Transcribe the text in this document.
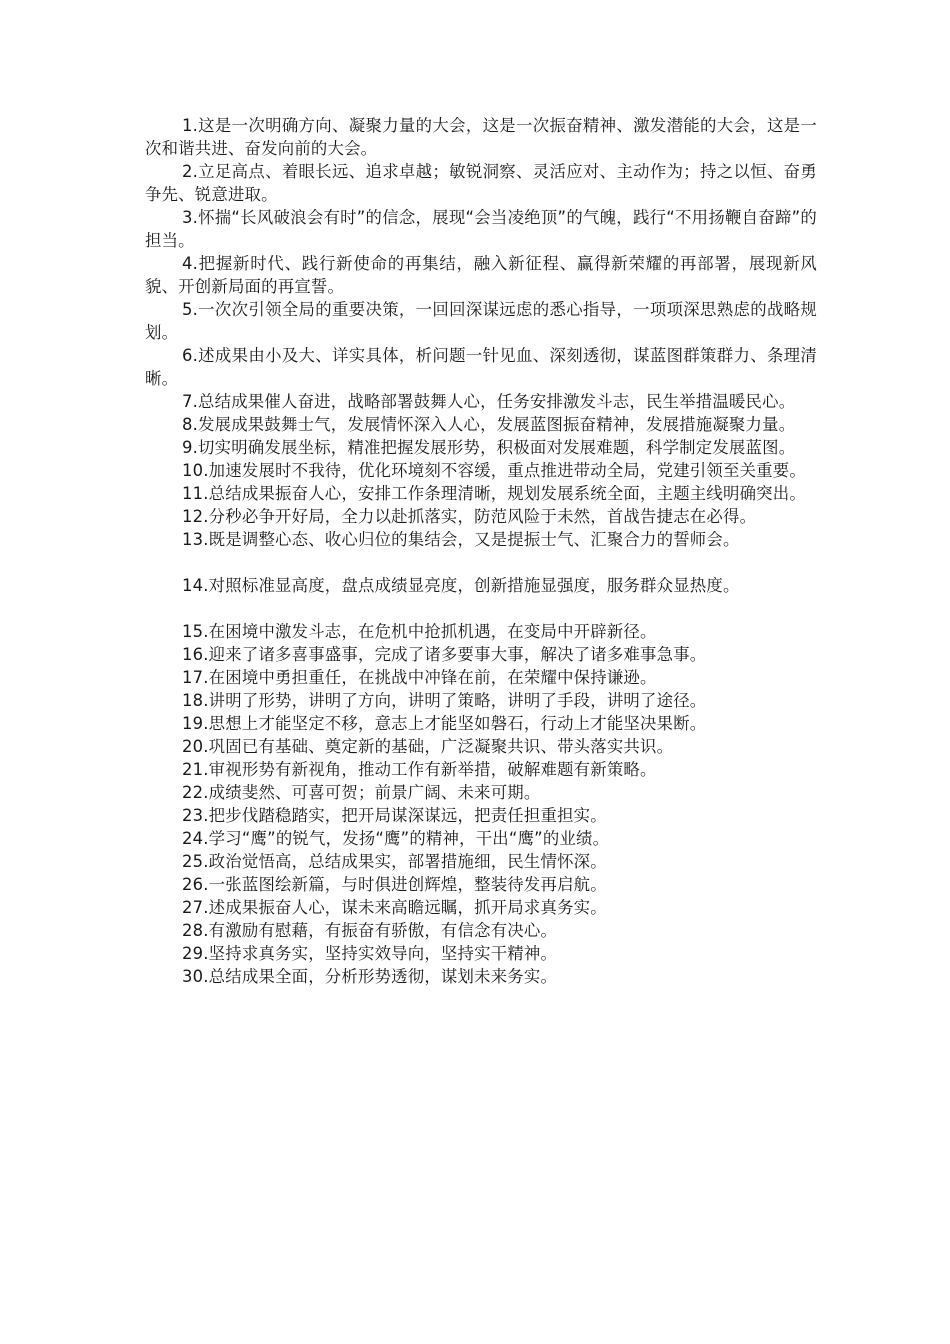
1.这是一次明确方向、凝聚力量的大会，这是一次振奋精神、激发潜能的大会，这是一次和谐共进、奋发向前的大会。

2.立足高点、着眼长远、追求卓越；敏锐洞察、灵活应对、主动作为；持之以恒、奋勇争先、锐意进取。

3.怀揣“长风破浪会有时”的信念，展现“会当凌绝顶”的气魄，践行“不用扬鞭自奋蹄”的担当。

4.把握新时代、践行新使命的再集结，融入新征程、赢得新荣耀的再部署，展现新风貌、开创新局面的再宣誓。

5.一次次引领全局的重要决策，一回回深谋远虑的悉心指导，一项项深思熟虑的战略规划。

6.述成果由小及大、详实具体，析问题一针见血、深刻透彻，谋蓝图群策群力、条理清晰。

7.总结成果催人奋进，战略部署鼓舞人心，任务安排激发斗志，民生举措温暖民心。

8.发展成果鼓舞士气，发展情怀深入人心，发展蓝图振奋精神，发展措施凝聚力量。

9.切实明确发展坐标，精准把握发展形势，积极面对发展难题，科学制定发展蓝图。

10.加速发展时不我待，优化环境刻不容缓，重点推进带动全局，党建引领至关重要。

11.总结成果振奋人心，安排工作条理清晰，规划发展系统全面，主题主线明确突出。

12.分秒必争开好局，全力以赴抓落实，防范风险于未然，首战告捷志在必得。

13.既是调整心态、收心归位的集结会，又是提振士气、汇聚合力的誓师会。

14.对照标准显高度，盘点成绩显亮度，创新措施显强度，服务群众显热度。

15.在困境中激发斗志，在危机中抢抓机遇，在变局中开辟新径。

16.迎来了诸多喜事盛事，完成了诸多要事大事，解决了诸多难事急事。

17.在困境中勇担重任，在挑战中冲锋在前，在荣耀中保持谦逊。

18.讲明了形势，讲明了方向，讲明了策略，讲明了手段，讲明了途径。

19.思想上才能坚定不移，意志上才能坚如磐石，行动上才能坚决果断。

20.巩固已有基础、奠定新的基础，广泛凝聚共识、带头落实共识。

21.审视形势有新视角，推动工作有新举措，破解难题有新策略。

22.成绩斐然、可喜可贺；前景广阔、未来可期。

23.把步伐踏稳踏实，把开局谋深谋远，把责任担重担实。

24.学习“鹰”的锐气，发扬“鹰”的精神，干出“鹰”的业绩。

25.政治觉悟高，总结成果实，部署措施细，民生情怀深。

26.一张蓝图绘新篇，与时俱进创辉煌，整装待发再启航。

27.述成果振奋人心，谋未来高瞻远瞩，抓开局求真务实。

28.有激励有慰藉，有振奋有骄傲，有信念有决心。

29.坚持求真务实，坚持实效导向，坚持实干精神。

30.总结成果全面，分析形势透彻，谋划未来务实。
